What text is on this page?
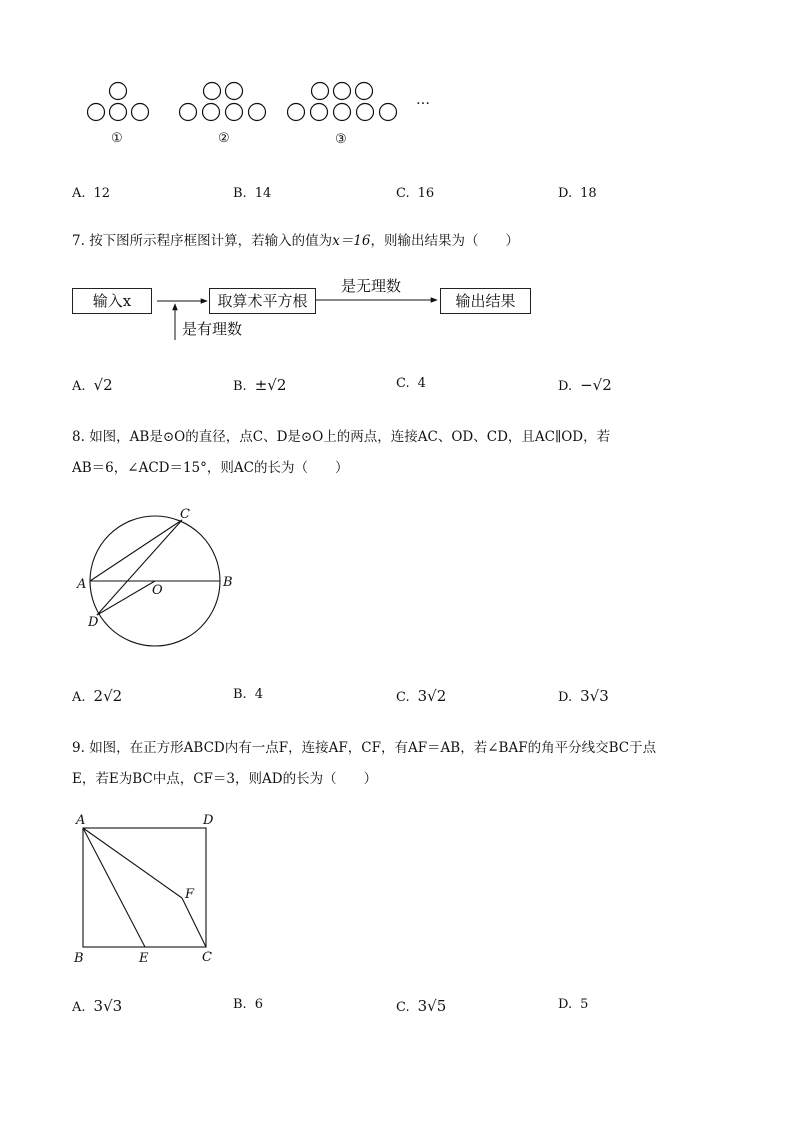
①	②	③
…
A. 12	B. 14	C. 16	D. 18
7. 按下图所示程序框图计算，若输入的值为x＝16，则输出结果为（　　）
输入x	取算术平方根	输出结果
是无理数
是有理数
A. √2	B. ±√2	C. 4	D. −√2
8. 如图，AB是⊙O的直径，点C、D是⊙O上的两点，连接AC、OD、CD，且AC∥OD，若
AB＝6，∠ACD＝15°，则AC的长为（　　）
C
A	B
O
D
A. 2√2	B. 4	C. 3√2	D. 3√3
9. 如图，在正方形ABCD内有一点F，连接AF，CF，有AF＝AB，若∠BAF的角平分线交BC于点
E，若E为BC中点，CF＝3，则AD的长为（　　）
A	D
F
B	E	C
A. 3√3	B. 6	C. 3√5	D. 5
